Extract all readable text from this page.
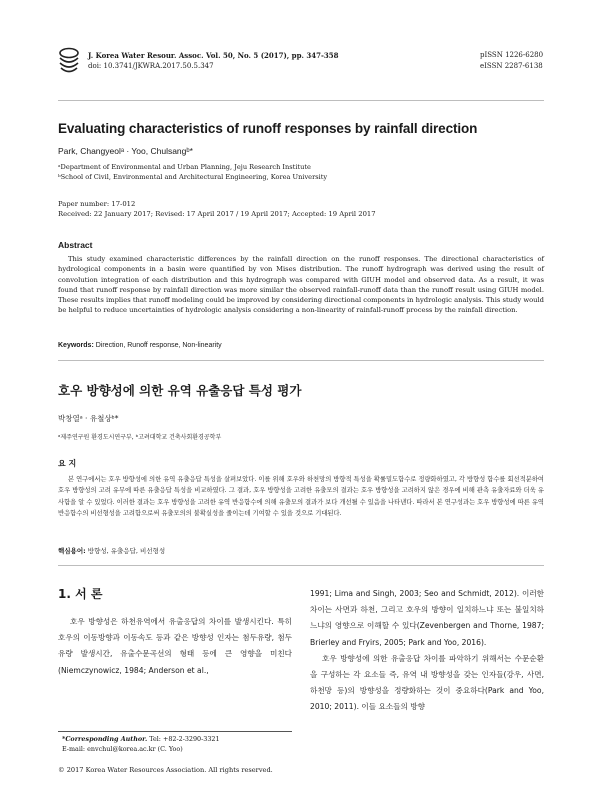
J. Korea Water Resour. Assoc. Vol. 50, No. 5 (2017), pp. 347-358
doi: 10.3741/JKWRA.2017.50.5.347
pISSN 1226-6280
eISSN 2287-6138
Evaluating characteristics of runoff responses by rainfall direction
Park, Changyeolᵃ · Yoo, Chulsangᵇ*
ᵃDepartment of Environmental and Urban Planning, Jeju Research Institute
ᵇSchool of Civil, Environmental and Architectural Engineering, Korea University
Paper number: 17-012
Received: 22 January 2017; Revised: 17 April 2017 / 19 April 2017; Accepted: 19 April 2017
Abstract
This study examined characteristic differences by the rainfall direction on the runoff responses. The directional characteristics of hydrological components in a basin were quantified by von Mises distribution. The runoff hydrograph was derived using the result of convolution integration of each distribution and this hydrograph was compared with GIUH model and observed data. As a result, it was found that runoff response by rainfall direction was more similar the observed rainfall-runoff data than the runoff result using GIUH model. These results implies that runoff modeling could be improved by considering directional components in hydrologic analysis. This study would be helpful to reduce uncertainties of hydrologic analysis considering a non-linearity of rainfall-runoff process by the rainfall direction.
Keywords: Direction, Runoff response, Non-linearity
호우 방향성에 의한 유역 유출응답 특성 평가
박창열ᵃ · 유철상ᵇ*
ᵃ제주연구원 환경도시연구부, ᵇ고려대학교 건축사회환경공학부
요 지
본 연구에서는 호우 방향성에 의한 유역 유출응답 특성을 살펴보았다. 이를 위해 호우와 하천망의 방향적 특성을 확률밀도함수로 정량화하였고, 각 방향성 함수를 회선적분하여 호우 방향성의 고려 유무에 따른 유출응답 특성을 비교하였다. 그 결과, 호우 방향성을 고려한 유출모의 결과는 호우 방향성을 고려하지 않은 경우에 비해 관측 유출자료와 더욱 유사함을 알 수 있었다. 이러한 결과는 호우 방향성을 고려한 유역 반응함수에 의해 유출모의 결과가 보다 개선될 수 있음을 나타낸다. 따라서 본 연구성과는 호우 방향성에 따른 유역 반응함수의 비선형성을 고려함으로써 유출모의의 불확실성을 줄이는데 기여할 수 있을 것으로 기대된다.
핵심용어: 방향성, 유출응답, 비선형성
1. 서 론

호우 방향성은 하천유역에서 유출응답의 차이를 발생시킨다. 특히 호우의 이동방향과 이동속도 등과 같은 방향성 인자는 첨두유량, 첨두유량 발생시간, 유출수문곡선의 형태 등에 큰 영향을 미친다(Niemczynowicz, 1984; Anderson et al.,

1991; Lima and Singh, 2003; Seo and Schmidt, 2012). 이러한 차이는 사면과 하천, 그리고 호우의 방향이 일치하느냐 또는 불일치하느냐의 영향으로 이해할 수 있다(Zevenbergen and Thorne, 1987; Brierley and Fryirs, 2005; Park and Yoo, 2016).

호우 방향성에 의한 유출응답 차이를 파악하기 위해서는 수문순환을 구성하는 각 요소들 즉, 유역 내 방향성을 갖는 인자들(강우, 사면, 하천망 등)의 방향성을 정량화하는 것이 중요하다(Park and Yoo, 2010; 2011). 이들 요소들의 방향

*Corresponding Author. Tel: +82-2-3290-3321
E-mail: envchul@korea.ac.kr (C. Yoo)
© 2017 Korea Water Resources Association. All rights reserved.
